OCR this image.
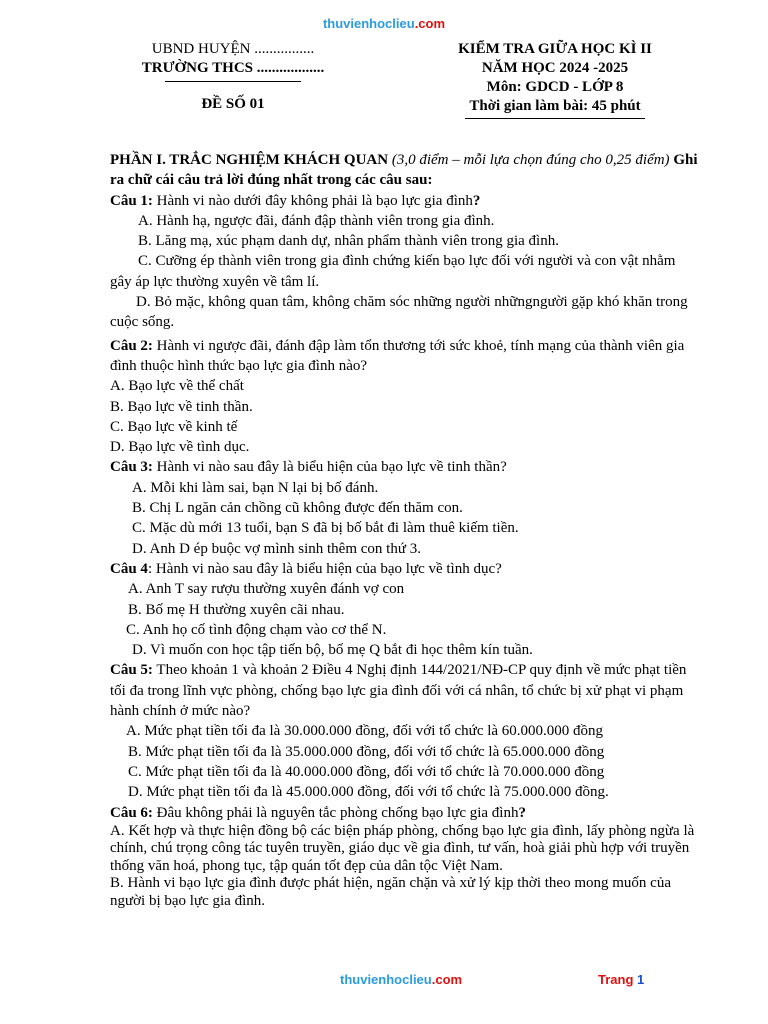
thuvienhoclieu.com
UBND HUYỆN ................
TRƯỜNG THCS ..................
ĐỀ SỐ 01
KIỂM TRA GIỮA HỌC KÌ II
NĂM HỌC 2024 -2025
Môn: GDCD - LỚP 8
Thời gian làm bài: 45 phút

PHẦN I. TRẮC NGHIỆM KHÁCH QUAN (3,0 điểm – mỗi lựa chọn đúng cho 0,25 điểm) Ghi ra chữ cái câu trả lời đúng nhất trong các câu sau:

Câu 1: Hành vi nào dưới đây không phải là bạo lực gia đình?

A. Hành hạ, ngược đãi, đánh đập thành viên trong gia đình.

B. Lăng mạ, xúc phạm danh dự, nhân phẩm thành viên trong gia đình.

C. Cưỡng ép thành viên trong gia đình chứng kiến bạo lực đối với người và con vật nhằm gây áp lực thường xuyên về tâm lí.

D. Bỏ mặc, không quan tâm, không chăm sóc những người nhữngngười gặp khó khăn trong cuộc sống.

Câu 2: Hành vi ngược đãi, đánh đập làm tổn thương tới sức khoẻ, tính mạng của thành viên gia đình thuộc hình thức bạo lực gia đình nào?

A. Bạo lực về thể chất

B. Bạo lực về tinh thần.

C. Bạo lực về kinh tế

D. Bạo lực về tình dục.

Câu 3: Hành vi nào sau đây là biểu hiện của bạo lực về tinh thần?

A. Mỗi khi làm sai, bạn N lại bị bố đánh.

B. Chị L ngăn cản chồng cũ không được đến thăm con.

C. Mặc dù mới 13 tuổi, bạn S đã bị bố bắt đi làm thuê kiếm tiền.

D. Anh D ép buộc vợ mình sinh thêm con thứ 3.

Câu 4: Hành vi nào sau đây là biểu hiện của bạo lực về tình dục?

A. Anh T say rượu thường xuyên đánh vợ con

B. Bố mẹ H thường xuyên cãi nhau.

C. Anh họ cố tình động chạm vào cơ thể N.

D. Vì muốn con học tập tiến bộ, bố mẹ Q bắt đi học thêm kín tuần.

Câu 5: Theo khoản 1 và khoản 2 Điều 4 Nghị định 144/2021/NĐ-CP quy định về mức phạt tiền tối đa trong lĩnh vực phòng, chống bạo lực gia đình đối với cá nhân, tổ chức bị xử phạt vi phạm hành chính ở mức nào?

A. Mức phạt tiền tối đa là 30.000.000 đồng, đối với tổ chức là 60.000.000 đồng

B. Mức phạt tiền tối đa là 35.000.000 đồng, đối với tổ chức là 65.000.000 đồng

C. Mức phạt tiền tối đa là 40.000.000 đồng, đối với tổ chức là 70.000.000 đồng

D. Mức phạt tiền tối đa là 45.000.000 đồng, đối với tổ chức là 75.000.000 đồng.

Câu 6: Đâu không phải là nguyên tắc phòng chống bạo lực gia đình?

A. Kết hợp và thực hiện đồng bộ các biện pháp phòng, chống bạo lực gia đình, lấy phòng ngừa là chính, chú trọng công tác tuyên truyền, giáo dục về gia đình, tư vấn, hoà giải phù hợp với truyền thống văn hoá, phong tục, tập quán tốt đẹp của dân tộc Việt Nam.

B. Hành vi bạo lực gia đình được phát hiện, ngăn chặn và xử lý kịp thời theo mong muốn của người bị bạo lực gia đình.

thuvienhoclieu.com	Trang 1
